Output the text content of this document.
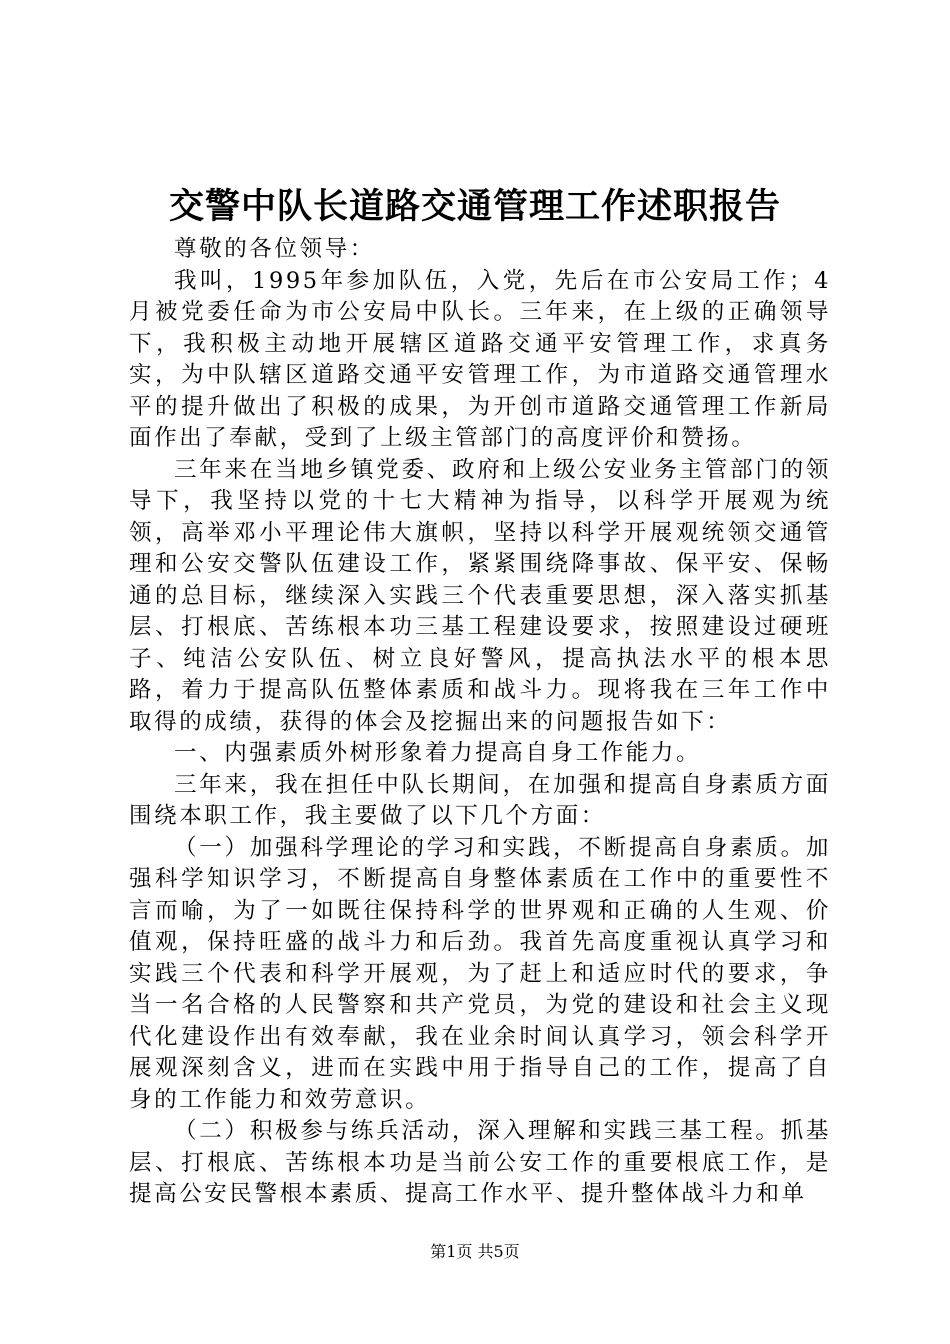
交警中队长道路交通管理工作述职报告

尊敬的各位领导：

我叫，1995年参加队伍，入党，先后在市公安局工作；4月被党委任命为市公安局中队长。三年来，在上级的正确领导下，我积极主动地开展辖区道路交通平安管理工作，求真务实，为中队辖区道路交通平安管理工作，为市道路交通管理水平的提升做出了积极的成果，为开创市道路交通管理工作新局面作出了奉献，受到了上级主管部门的高度评价和赞扬。

三年来在当地乡镇党委、政府和上级公安业务主管部门的领导下，我坚持以党的十七大精神为指导，以科学开展观为统领，高举邓小平理论伟大旗帜，坚持以科学开展观统领交通管理和公安交警队伍建设工作，紧紧围绕降事故、保平安、保畅通的总目标，继续深入实践三个代表重要思想，深入落实抓基层、打根底、苦练根本功三基工程建设要求，按照建设过硬班子、纯洁公安队伍、树立良好警风，提高执法水平的根本思路，着力于提高队伍整体素质和战斗力。现将我在三年工作中取得的成绩，获得的体会及挖掘出来的问题报告如下：

一、内强素质外树形象着力提高自身工作能力。

三年来，我在担任中队长期间，在加强和提高自身素质方面围绕本职工作，我主要做了以下几个方面：

（一）加强科学理论的学习和实践，不断提高自身素质。加强科学知识学习，不断提高自身整体素质在工作中的重要性不言而喻，为了一如既往保持科学的世界观和正确的人生观、价值观，保持旺盛的战斗力和后劲。我首先高度重视认真学习和实践三个代表和科学开展观，为了赶上和适应时代的要求，争当一名合格的人民警察和共产党员，为党的建设和社会主义现代化建设作出有效奉献，我在业余时间认真学习，领会科学开展观深刻含义，进而在实践中用于指导自己的工作，提高了自身的工作能力和效劳意识。

（二）积极参与练兵活动，深入理解和实践三基工程。抓基层、打根底、苦练根本功是当前公安工作的重要根底工作，是提高公安民警根本素质、提高工作水平、提升整体战斗力和单

第1页 共5页
